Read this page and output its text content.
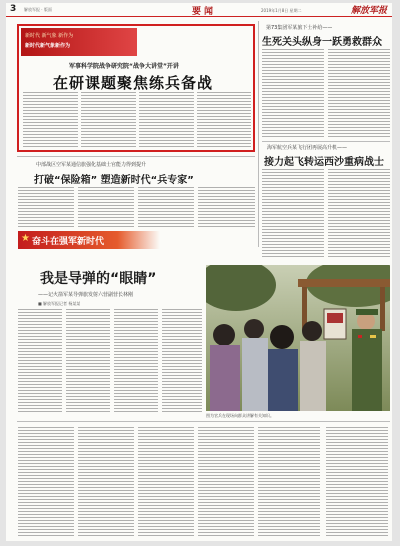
3 解放军报 · 版面	要闻	2019年1月8日 星期二	解放军报
新时代 新气象 新作为
新时代新气象新作为
军事科学院战争研究院“战争大讲堂”开讲
在研课题聚焦练兵备战
第73集团军某旅下士补给——
生死关头纵身一跃勇救群众
海军航空兵某飞行团再展高升机——
接力起飞转运西沙重病战士
中部战区空军某通信旅强化基础士官能力得到提升
打破“保险箱” 塑造新时代“兵专家”
★ 奋斗在强军新时代
我是导弹的“眼睛”
——记火箭军某导弹旅发射六营副营长林刚
■ 解放军报记者 杨某某
图为官兵在现场向群众讲解有关知识。
